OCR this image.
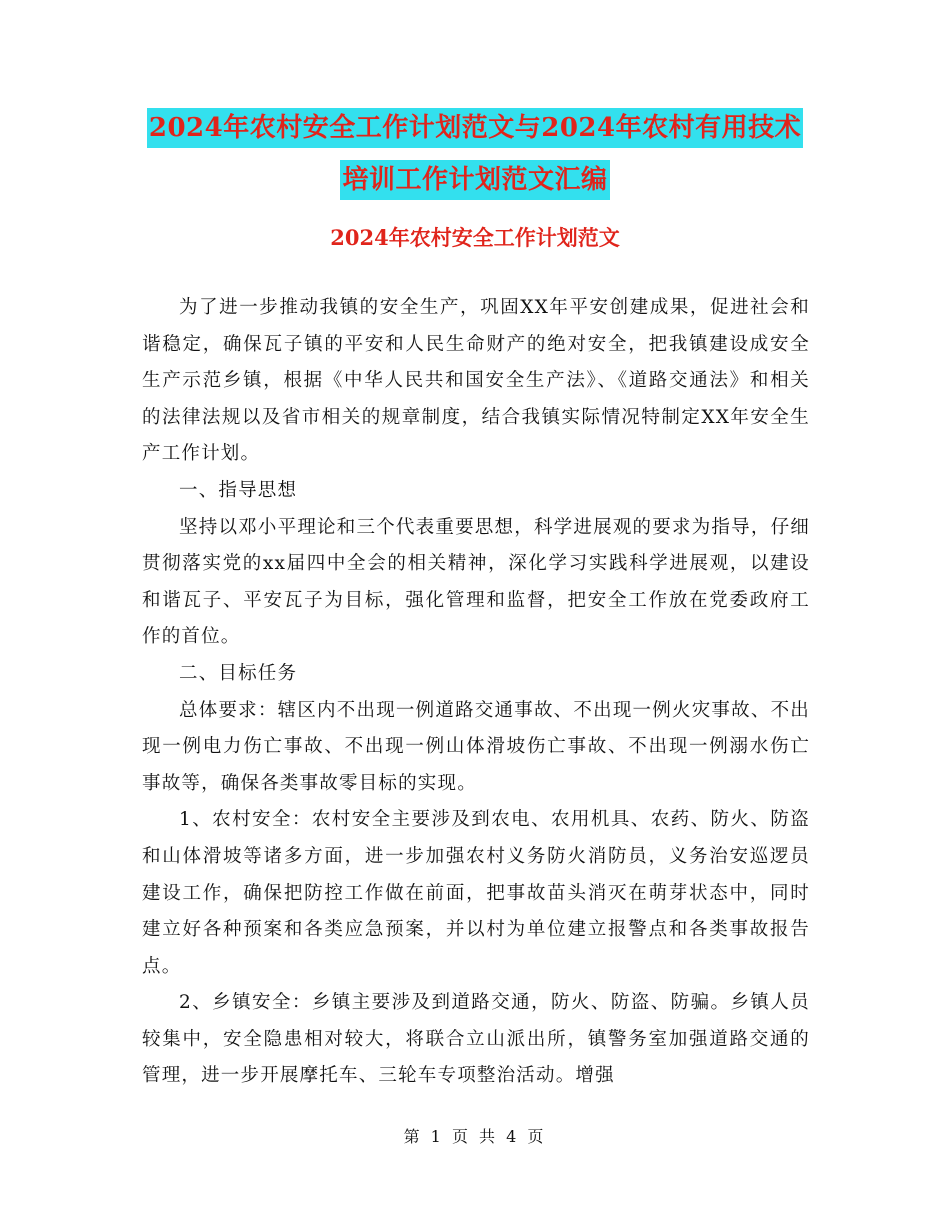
2024年农村安全工作计划范文与2024年农村有用技术
培训工作计划范文汇编
2024年农村安全工作计划范文

为了进一步推动我镇的安全生产，巩固XX年平安创建成果，促进社会和谐稳定，确保瓦子镇的平安和人民生命财产的绝对安全，把我镇建设成安全生产示范乡镇，根据《中华人民共和国安全生产法》、《道路交通法》和相关的法律法规以及省市相关的规章制度，结合我镇实际情况特制定XX年安全生产工作计划。

一、指导思想

坚持以邓小平理论和三个代表重要思想，科学进展观的要求为指导，仔细贯彻落实党的xx届四中全会的相关精神，深化学习实践科学进展观，以建设和谐瓦子、平安瓦子为目标，强化管理和监督，把安全工作放在党委政府工作的首位。

二、目标任务

总体要求：辖区内不出现一例道路交通事故、不出现一例火灾事故、不出现一例电力伤亡事故、不出现一例山体滑坡伤亡事故、不出现一例溺水伤亡事故等，确保各类事故零目标的实现。

1、农村安全：农村安全主要涉及到农电、农用机具、农药、防火、防盗和山体滑坡等诸多方面，进一步加强农村义务防火消防员，义务治安巡逻员建设工作，确保把防控工作做在前面，把事故苗头消灭在萌芽状态中，同时建立好各种预案和各类应急预案，并以村为单位建立报警点和各类事故报告点。

2、乡镇安全：乡镇主要涉及到道路交通，防火、防盗、防骗。乡镇人员较集中，安全隐患相对较大，将联合立山派出所，镇警务室加强道路交通的管理，进一步开展摩托车、三轮车专项整治活动。增强

第 1 页 共 4 页
